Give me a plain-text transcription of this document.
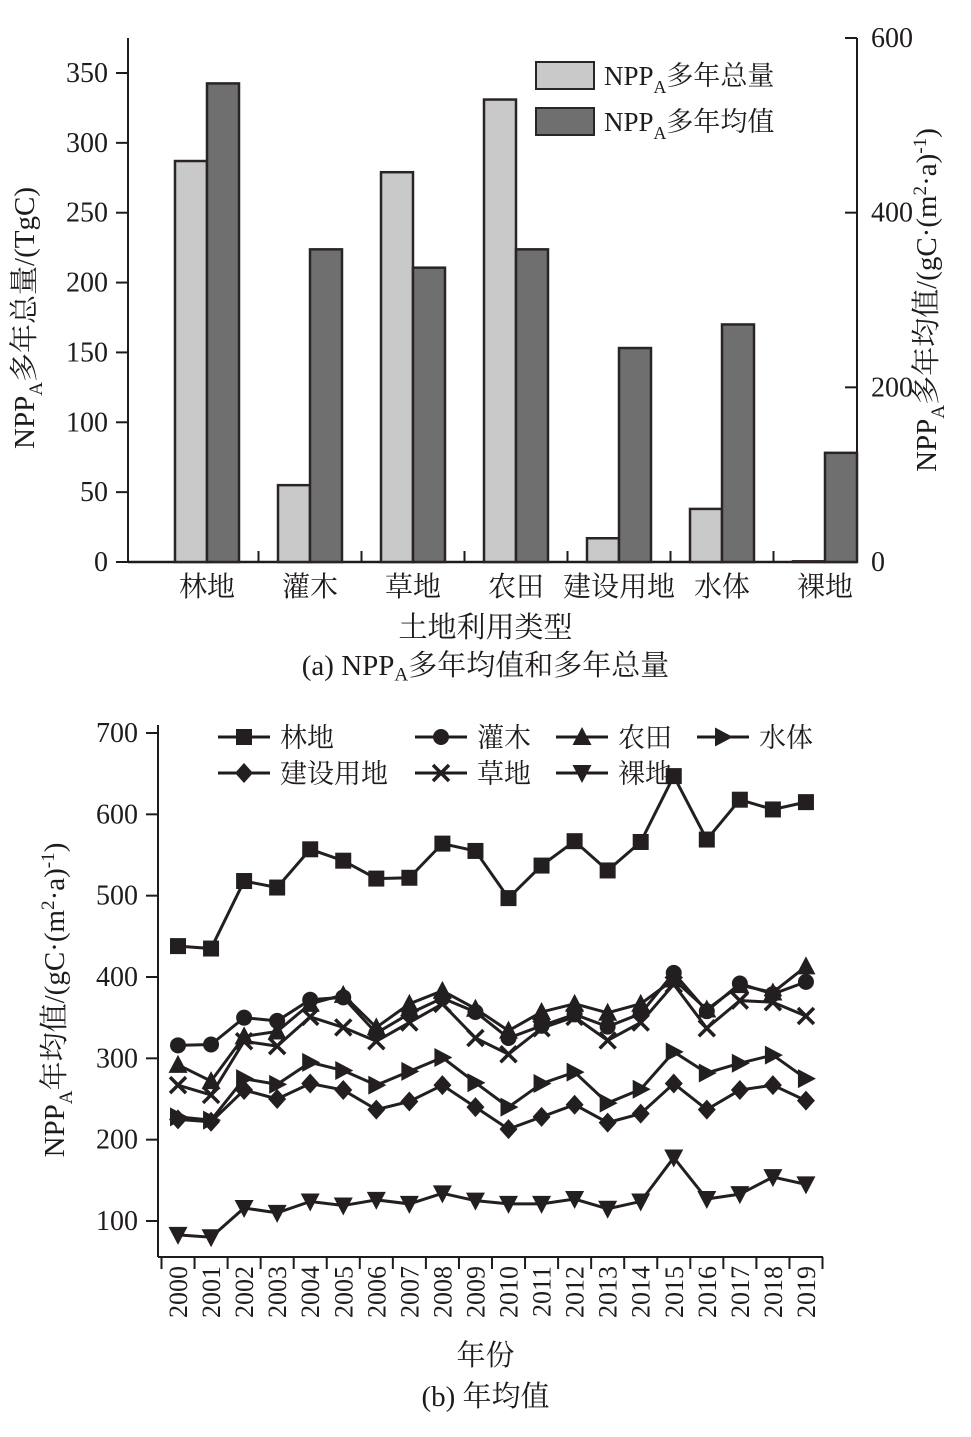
0
50
100
150
200
250
300
350
0
200
400
600
$NPP_A$多年总量/(TgC)
$NPP_A$多年均值$/(gC\cdot(m^2\cdot a)^{-1})$
林地 灌木 草地 农田 建设用地 水体 裸地
$NPP_A$多年总量
$NPP_A$多年均值
土地利用类型
(a) $NPP_A$多年均值和多年总量
100
200
300
400
500
600
700
$NPP_A$年均值$/(gC\cdot(m^2\cdot a)^{-1})$
2000 2001 2002 2003 2004 2005 2006 2007 2008 2009 2010 2011 2012 2013 2014 2015 2016 2017 2018 2019
林地	灌木	农田	水体
建设用地	草地	裸地
年份
(b) 年均值
